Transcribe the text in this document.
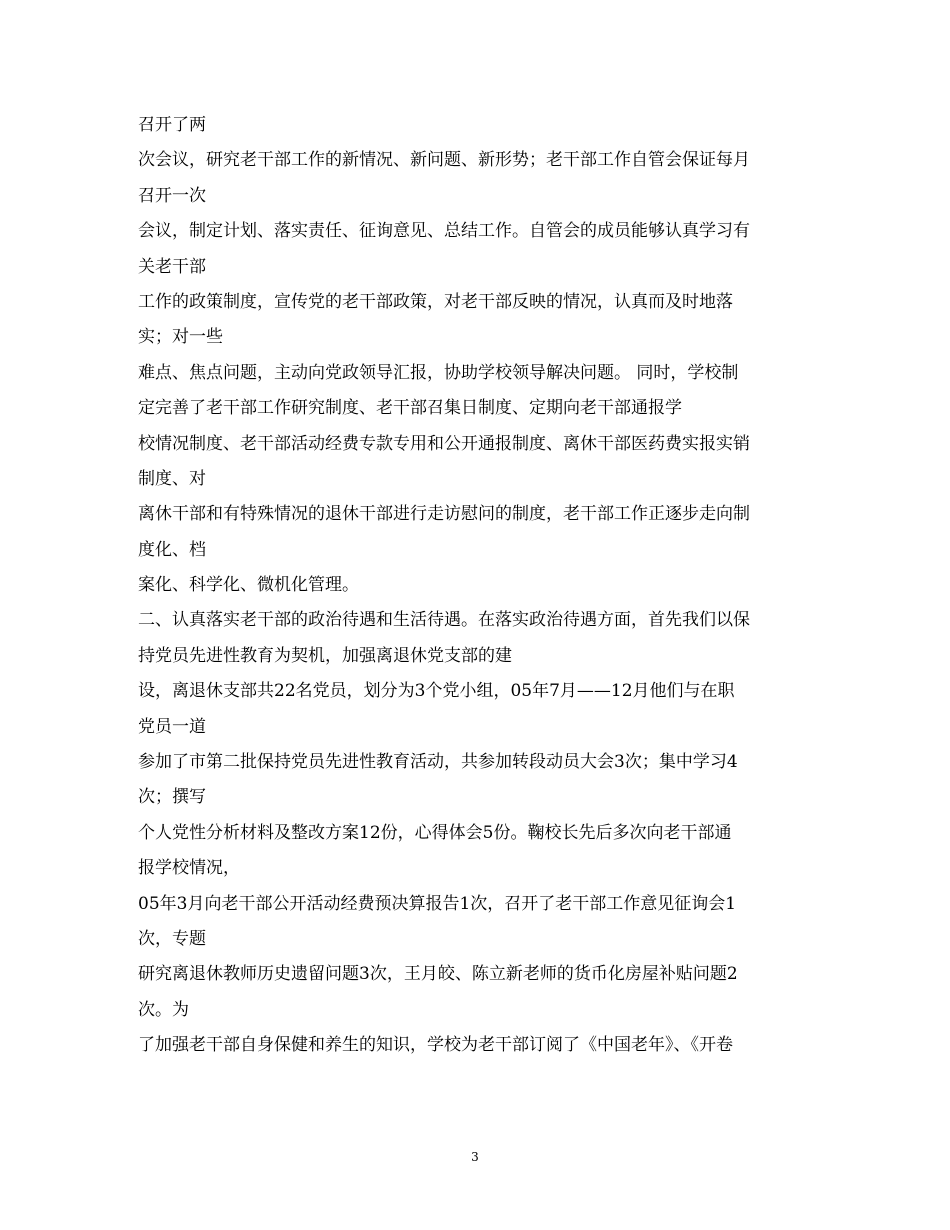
召开了两
次会议，研究老干部工作的新情况、新问题、新形势；老干部工作自管会保证每月
召开一次
会议，制定计划、落实责任、征询意见、总结工作。自管会的成员能够认真学习有
关老干部
工作的政策制度，宣传党的老干部政策，对老干部反映的情况，认真而及时地落
实；对一些
难点、焦点问题，主动向党政领导汇报，协助学校领导解决问题。 同时，学校制
定完善了老干部工作研究制度、老干部召集日制度、定期向老干部通报学
校情况制度、老干部活动经费专款专用和公开通报制度、离休干部医药费实报实销
制度、对
离休干部和有特殊情况的退休干部进行走访慰问的制度，老干部工作正逐步走向制
度化、档
案化、科学化、微机化管理。
二、认真落实老干部的政治待遇和生活待遇。在落实政治待遇方面，首先我们以保
持党员先进性教育为契机，加强离退休党支部的建
设，离退休支部共22名党员，划分为3个党小组，05年7月——12月他们与在职
党员一道
参加了市第二批保持党员先进性教育活动，共参加转段动员大会3次；集中学习4
次；撰写
个人党性分析材料及整改方案12份，心得体会5份。鞠校长先后多次向老干部通
报学校情况，
05年3月向老干部公开活动经费预决算报告1次，召开了老干部工作意见征询会1
次，专题
研究离退休教师历史遗留问题3次，王月皎、陈立新老师的货币化房屋补贴问题2
次。为
了加强老干部自身保健和养生的知识，学校为老干部订阅了《中国老年》、《开卷
3
